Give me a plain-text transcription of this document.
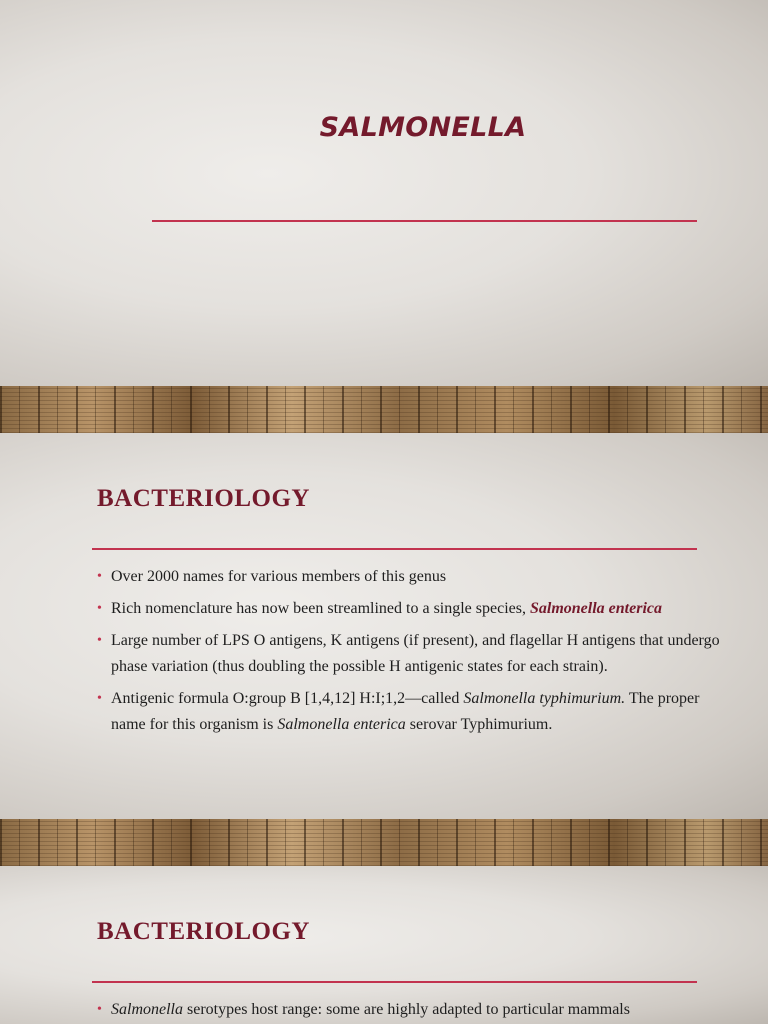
SALMONELLA
BACTERIOLOGY
• Over 2000 names for various members of this genus
• Rich nomenclature has now been streamlined to a single species, Salmonella enterica
• Large number of LPS O antigens, K antigens (if present), and flagellar H antigens that undergo phase variation (thus doubling the possible H antigenic states for each strain).
• Antigenic formula O:group B [1,4,12] H:I;1,2—called Salmonella typhimurium. The proper name for this organism is Salmonella enterica serovar Typhimurium.
BACTERIOLOGY
• Salmonella serotypes host range: some are highly adapted to particular mammals
